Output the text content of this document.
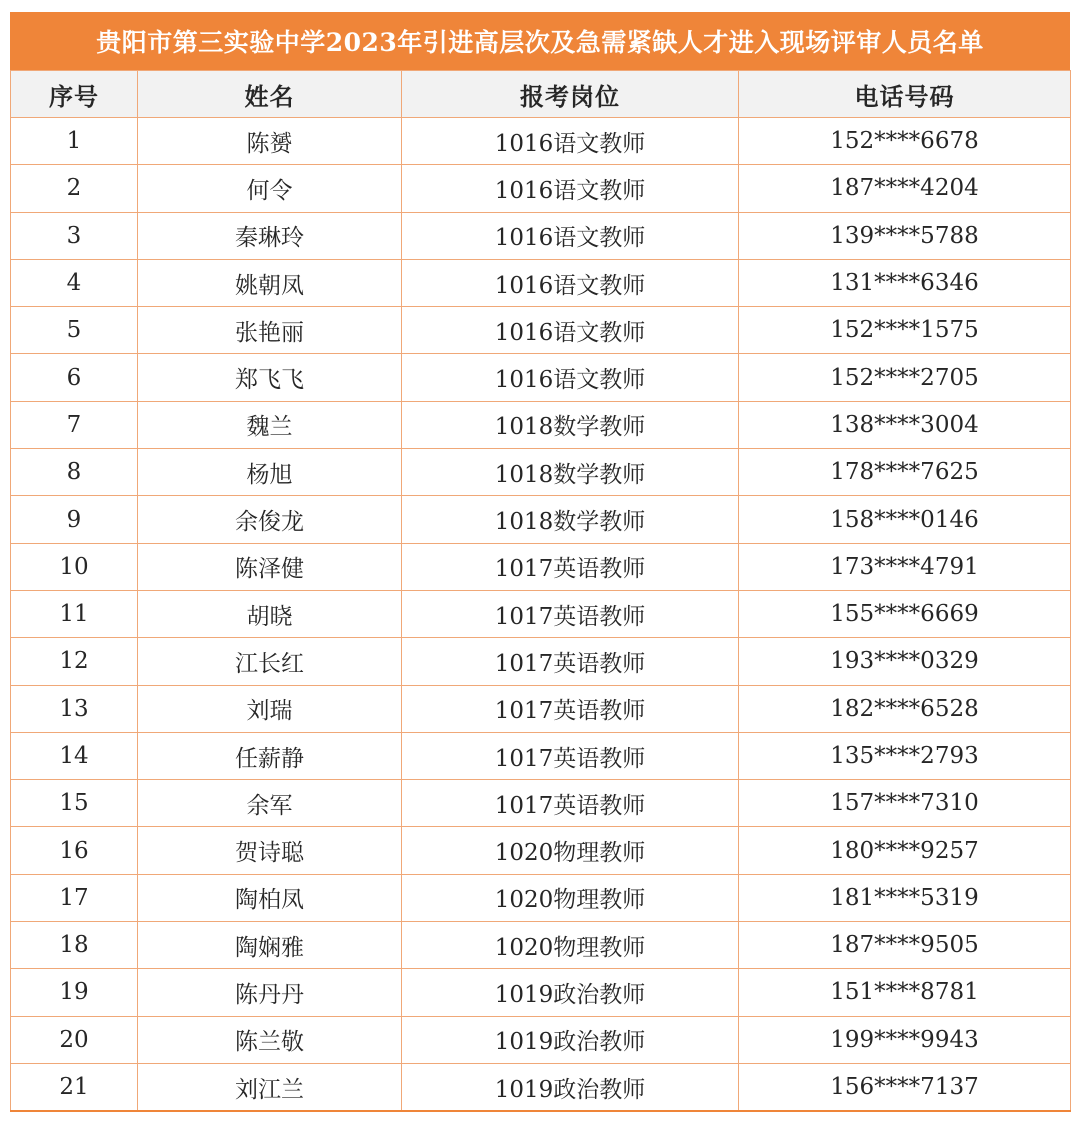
贵阳市第三实验中学2023年引进高层次及急需紧缺人才进入现场评审人员名单
序号	姓名	报考岗位	电话号码
1	陈赟	1016语文教师	152****6678
2	何令	1016语文教师	187****4204
3	秦琳玲	1016语文教师	139****5788
4	姚朝凤	1016语文教师	131****6346
5	张艳丽	1016语文教师	152****1575
6	郑飞飞	1016语文教师	152****2705
7	魏兰	1018数学教师	138****3004
8	杨旭	1018数学教师	178****7625
9	余俊龙	1018数学教师	158****0146
10	陈泽健	1017英语教师	173****4791
11	胡晓	1017英语教师	155****6669
12	江长红	1017英语教师	193****0329
13	刘瑞	1017英语教师	182****6528
14	任薪静	1017英语教师	135****2793
15	余军	1017英语教师	157****7310
16	贺诗聪	1020物理教师	180****9257
17	陶柏凤	1020物理教师	181****5319
18	陶娴雅	1020物理教师	187****9505
19	陈丹丹	1019政治教师	151****8781
20	陈兰敬	1019政治教师	199****9943
21	刘江兰	1019政治教师	156****7137
